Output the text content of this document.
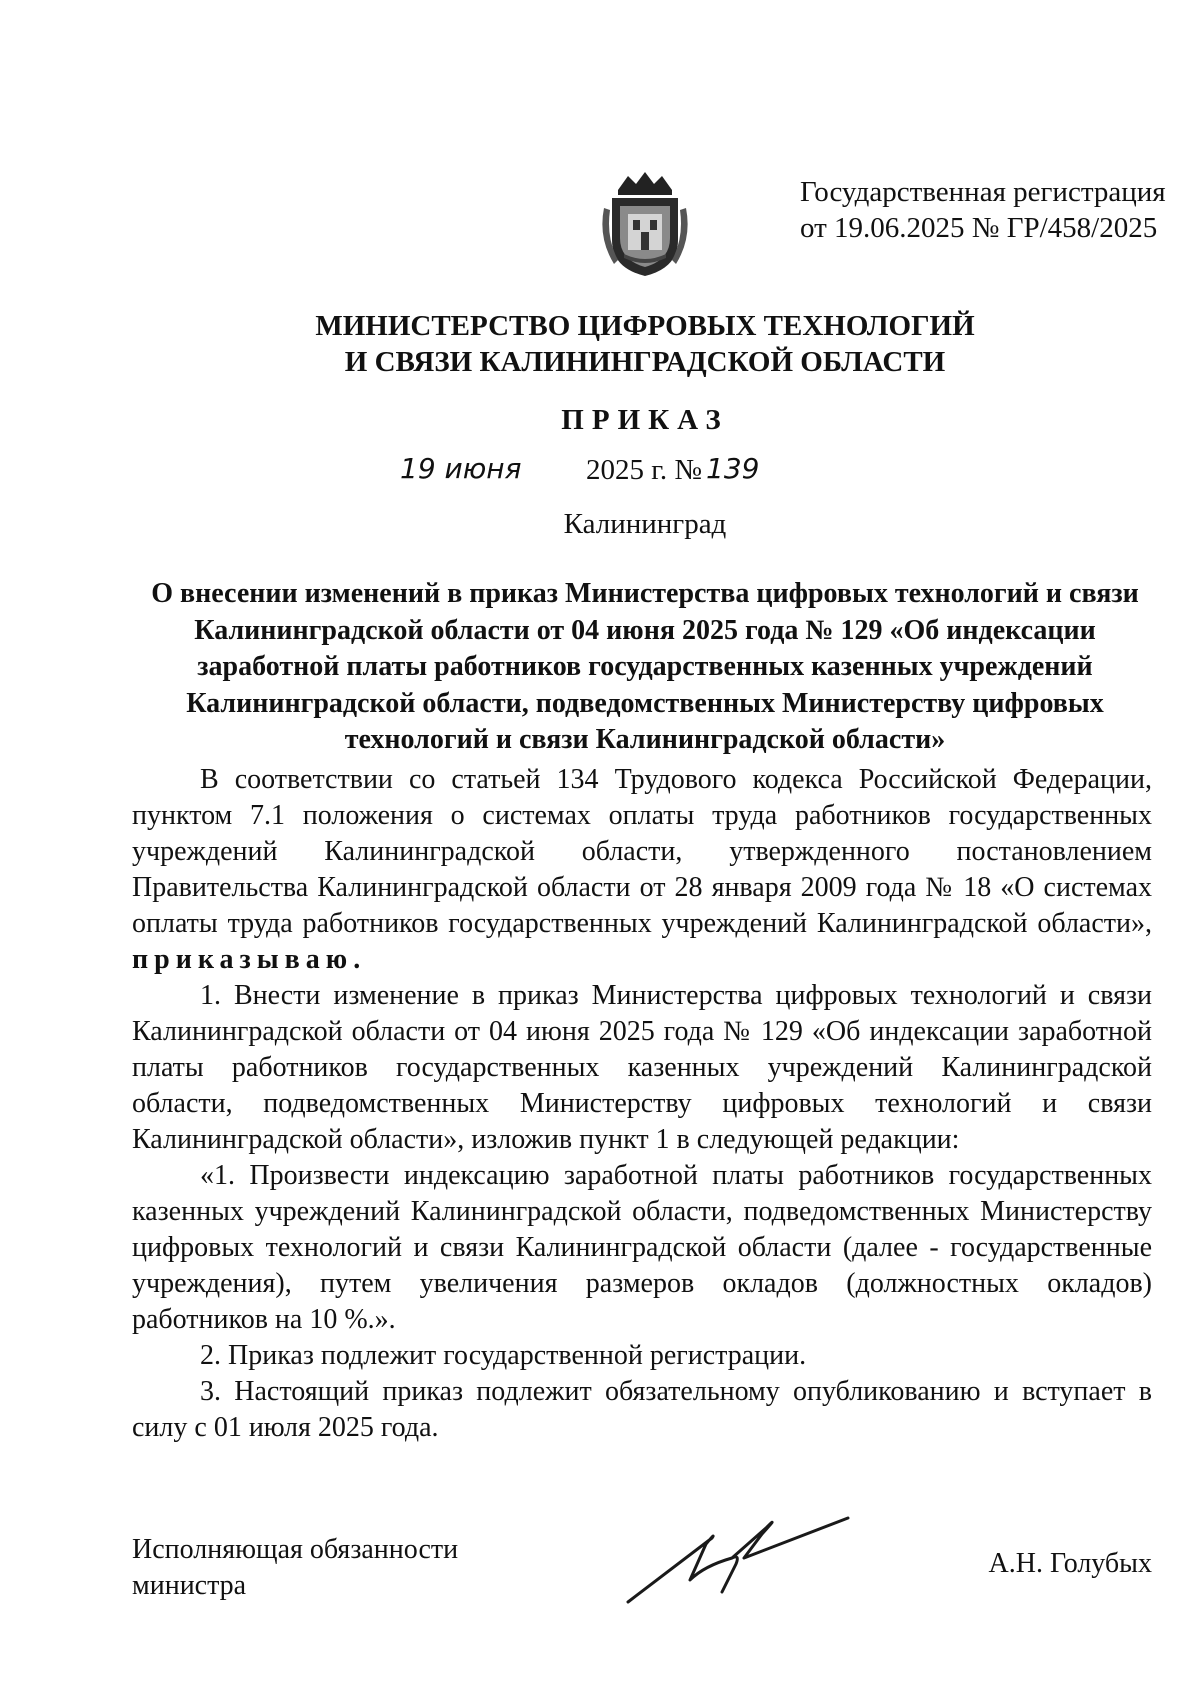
Государственная регистрация
от 19.06.2025 № ГР/458/2025
МИНИСТЕРСТВО ЦИФРОВЫХ ТЕХНОЛОГИЙ
И СВЯЗИ КАЛИНИНГРАДСКОЙ ОБЛАСТИ
ПРИКАЗ
19 июня 2025 г. № 139
Калининград
О внесении изменений в приказ Министерства цифровых технологий и связи
Калининградской области от 04 июня 2025 года № 129 «Об индексации
заработной платы работников государственных казенных учреждений
Калининградской области, подведомственных Министерству цифровых
технологий и связи Калининградской области»

В соответствии со статьей 134 Трудового кодекса Российской Федерации, пунктом 7.1 положения о системах оплаты труда работников государственных учреждений Калининградской области, утвержденного постановлением Правительства Калининградской области от 28 января 2009 года № 18 «О системах оплаты труда работников государственных учреждений Калининградской области», приказываю.

1. Внести изменение в приказ Министерства цифровых технологий и связи Калининградской области от 04 июня 2025 года № 129 «Об индексации заработной платы работников государственных казенных учреждений Калининградской области, подведомственных Министерству цифровых технологий и связи Калининградской области», изложив пункт 1 в следующей редакции:

«1. Произвести индексацию заработной платы работников государственных казенных учреждений Калининградской области, подведомственных Министерству цифровых технологий и связи Калининградской области (далее - государственные учреждения), путем увеличения размеров окладов (должностных окладов) работников на 10 %.».

2. Приказ подлежит государственной регистрации.

3. Настоящий приказ подлежит обязательному опубликованию и вступает в силу с 01 июля 2025 года.

Исполняющая обязанности
министра
А.Н. Голубых
